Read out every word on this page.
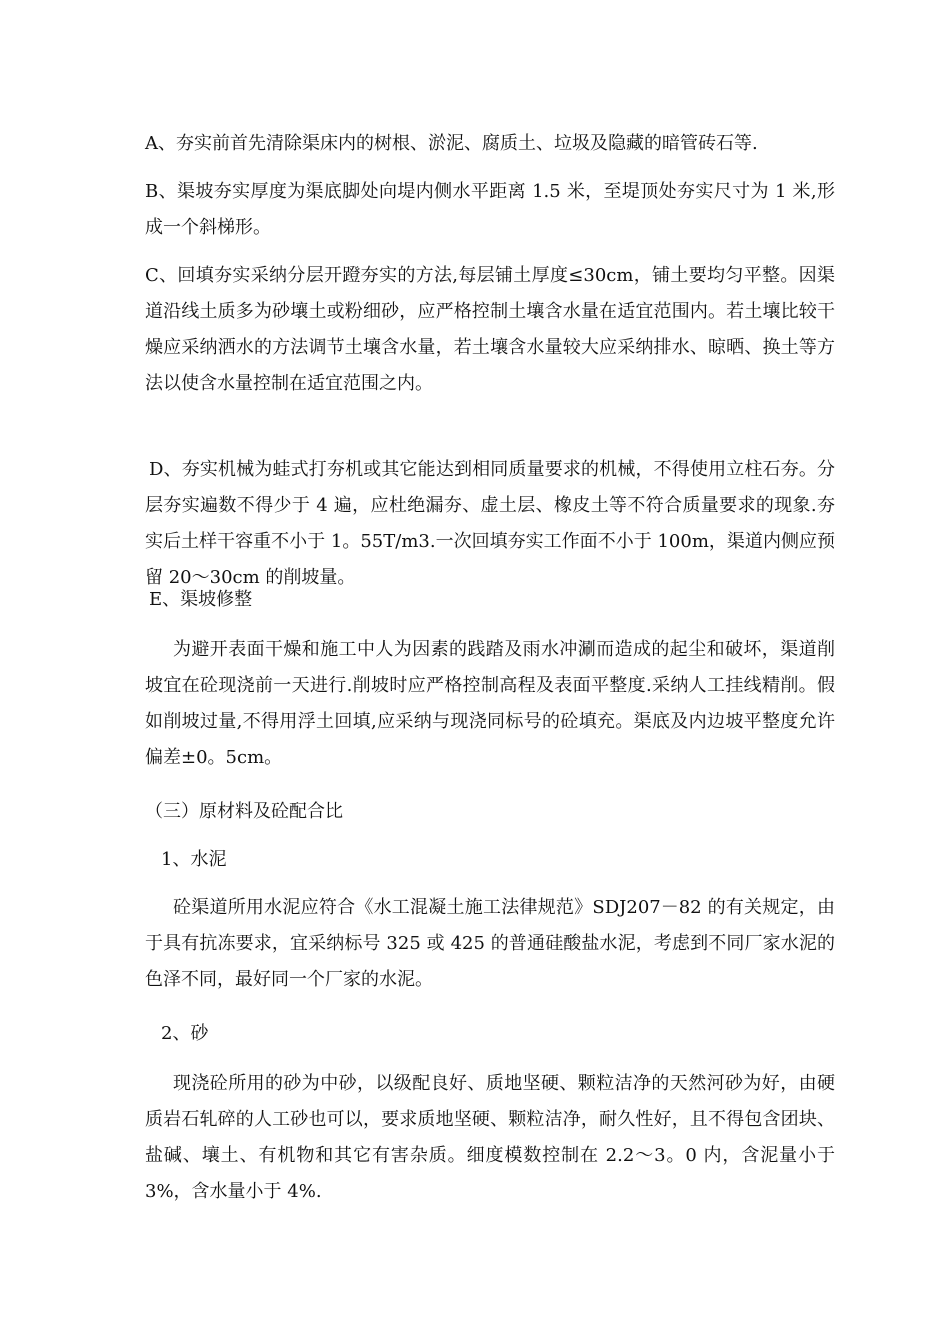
A、夯实前首先清除渠床内的树根、淤泥、腐质土、垃圾及隐藏的暗管砖石等.

B、渠坡夯实厚度为渠底脚处向堤内侧水平距离 1.5 米，至堤顶处夯实尺寸为 1 米,形成一个斜梯形。

C、回填夯实采纳分层开蹬夯实的方法,每层铺土厚度≤30cm，铺土要均匀平整。因渠道沿线土质多为砂壤土或粉细砂，应严格控制土壤含水量在适宜范围内。若土壤比较干燥应采纳洒水的方法调节土壤含水量，若土壤含水量较大应采纳排水、晾晒、换土等方法以使含水量控制在适宜范围之内。

D、夯实机械为蛙式打夯机或其它能达到相同质量要求的机械，不得使用立柱石夯。分层夯实遍数不得少于 4 遍，应杜绝漏夯、虚土层、橡皮土等不符合质量要求的现象.夯实后土样干容重不小于 1。55T/m3.一次回填夯实工作面不小于 100m，渠道内侧应预留 20～30cm 的削坡量。

E、渠坡修整

为避开表面干燥和施工中人为因素的践踏及雨水冲涮而造成的起尘和破坏，渠道削坡宜在砼现浇前一天进行.削坡时应严格控制高程及表面平整度.采纳人工挂线精削。假如削坡过量,不得用浮土回填,应采纳与现浇同标号的砼填充。渠底及内边坡平整度允许偏差±0。5cm。

（三）原材料及砼配合比

1、水泥

砼渠道所用水泥应符合《水工混凝土施工法律规范》SDJ207－82 的有关规定，由于具有抗冻要求，宜采纳标号 325 或 425 的普通硅酸盐水泥，考虑到不同厂家水泥的色泽不同，最好同一个厂家的水泥。

2、砂

现浇砼所用的砂为中砂，以级配良好、质地坚硬、颗粒洁净的天然河砂为好，由硬质岩石轧碎的人工砂也可以，要求质地坚硬、颗粒洁净，耐久性好，且不得包含团块、盐碱、壤土、有机物和其它有害杂质。细度模数控制在 2.2～3。0 内，含泥量小于 3%，含水量小于 4%.
